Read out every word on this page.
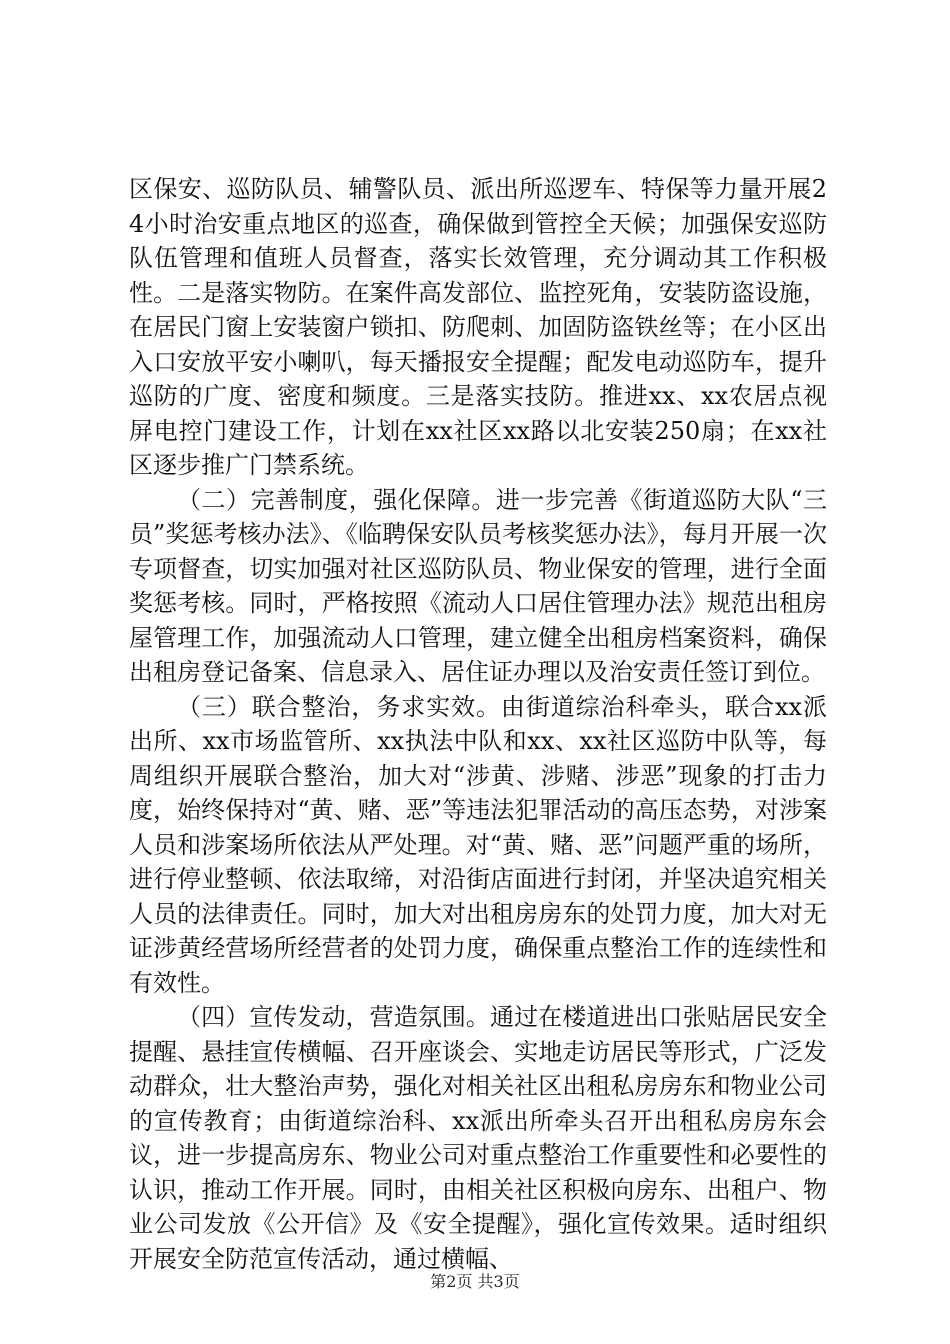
区保安、巡防队员、辅警队员、派出所巡逻车、特保等力量开展24小时治安重点地区的巡查，确保做到管控全天候；加强保安巡防队伍管理和值班人员督查，落实长效管理，充分调动其工作积极性。二是落实物防。在案件高发部位、监控死角，安装防盗设施，在居民门窗上安装窗户锁扣、防爬刺、加固防盗铁丝等；在小区出入口安放平安小喇叭，每天播报安全提醒；配发电动巡防车，提升巡防的广度、密度和频度。三是落实技防。推进xx、xx农居点视屏电控门建设工作，计划在xx社区xx路以北安装250扇；在xx社区逐步推广门禁系统。

（二）完善制度，强化保障。进一步完善《街道巡防大队“三员”奖惩考核办法》、《临聘保安队员考核奖惩办法》，每月开展一次专项督查，切实加强对社区巡防队员、物业保安的管理，进行全面奖惩考核。同时，严格按照《流动人口居住管理办法》规范出租房屋管理工作，加强流动人口管理，建立健全出租房档案资料，确保出租房登记备案、信息录入、居住证办理以及治安责任签订到位。

（三）联合整治，务求实效。由街道综治科牵头，联合xx派出所、xx市场监管所、xx执法中队和xx、xx社区巡防中队等，每周组织开展联合整治，加大对“涉黄、涉赌、涉恶”现象的打击力度，始终保持对“黄、赌、恶”等违法犯罪活动的高压态势，对涉案人员和涉案场所依法从严处理。对“黄、赌、恶”问题严重的场所，进行停业整顿、依法取缔，对沿街店面进行封闭，并坚决追究相关人员的法律责任。同时，加大对出租房房东的处罚力度，加大对无证涉黄经营场所经营者的处罚力度，确保重点整治工作的连续性和有效性。

（四）宣传发动，营造氛围。通过在楼道进出口张贴居民安全提醒、悬挂宣传横幅、召开座谈会、实地走访居民等形式，广泛发动群众，壮大整治声势，强化对相关社区出租私房房东和物业公司的宣传教育；由街道综治科、xx派出所牵头召开出租私房房东会议，进一步提高房东、物业公司对重点整治工作重要性和必要性的认识，推动工作开展。同时，由相关社区积极向房东、出租户、物业公司发放《公开信》及《安全提醒》，强化宣传效果。适时组织开展安全防范宣传活动，通过横幅、

第2页 共3页
